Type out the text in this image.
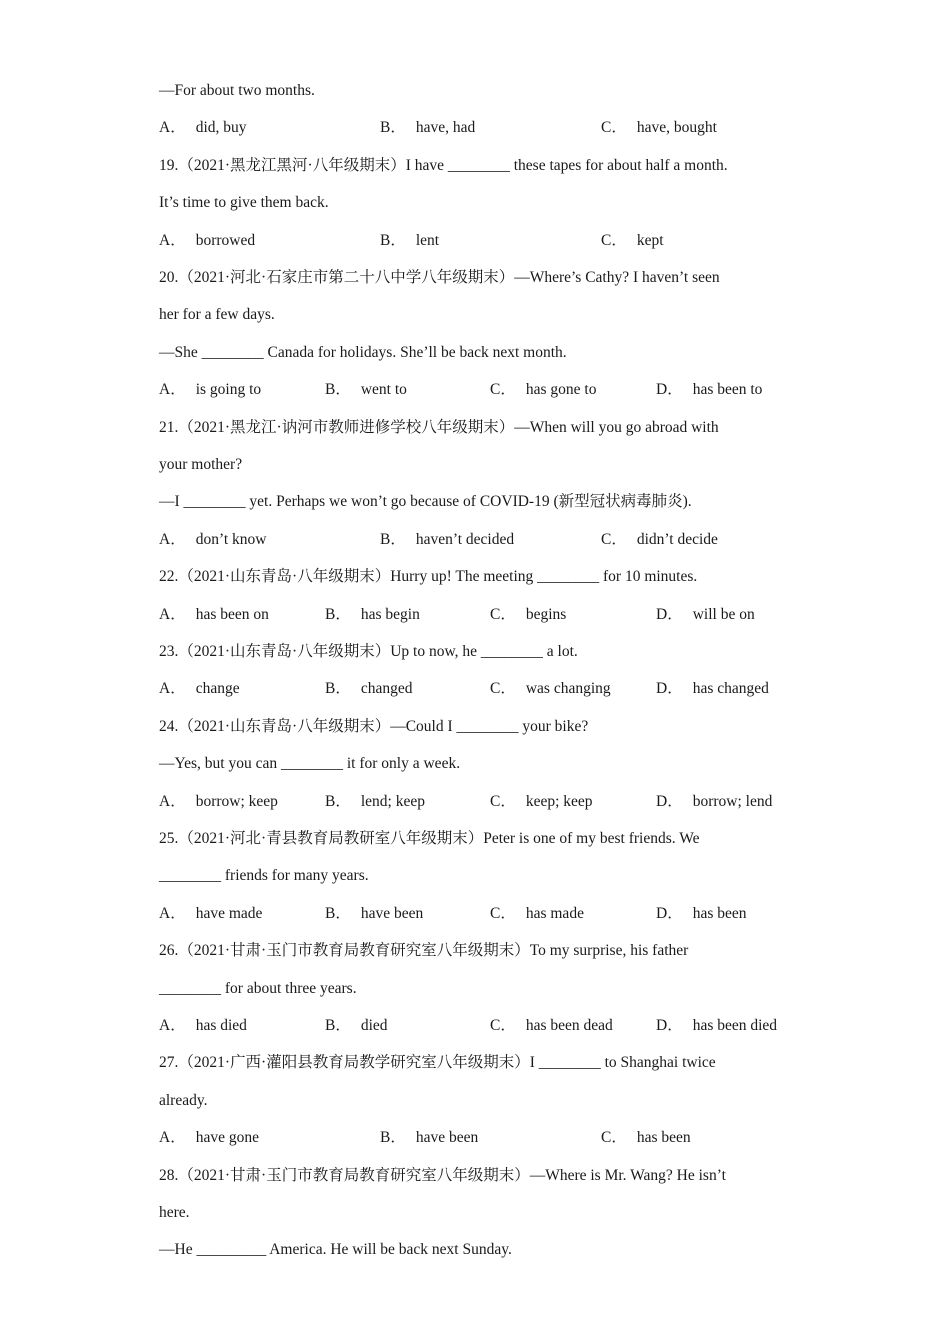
—For about two months.
A． did, buy	B． have, had	C． have, bought
19.（2021·黑龙江黑河·八年级期末）I have ________ these tapes for about half a month.
It’s time to give them back.
A． borrowed	B． lent	C． kept
20.（2021·河北·石家庄市第二十八中学八年级期末）—Where’s Cathy? I haven’t seen
her for a few days.
—She ________ Canada for holidays. She’ll be back next month.
A． is going to	B． went to	C． has gone to	D． has been to
21.（2021·黑龙江·讷河市教师进修学校八年级期末）—When will you go abroad with
your mother?
—I ________ yet. Perhaps we won’t go because of COVID-19 (新型冠状病毒肺炎).
A． don’t know	B． haven’t decided	C． didn’t decide
22.（2021·山东青岛·八年级期末）Hurry up! The meeting ________ for 10 minutes.
A． has been on	B． has begin	C． begins	D． will be on
23.（2021·山东青岛·八年级期末）Up to now, he ________ a lot.
A． change	B． changed	C． was changing	D． has changed
24.（2021·山东青岛·八年级期末）—Could I ________ your bike?
—Yes, but you can ________ it for only a week.
A． borrow; keep	B． lend; keep	C． keep; keep	D． borrow; lend
25.（2021·河北·青县教育局教研室八年级期末）Peter is one of my best friends. We
________ friends for many years.
A． have made	B． have been	C． has made	D． has been
26.（2021·甘肃·玉门市教育局教育研究室八年级期末）To my surprise, his father
________ for about three years.
A． has died	B． died	C． has been dead	D． has been died
27.（2021·广西·灌阳县教育局教学研究室八年级期末）I ________ to Shanghai twice
already.
A． have gone	B． have been	C． has been
28.（2021·甘肃·玉门市教育局教育研究室八年级期末）—Where is Mr. Wang? He isn’t
here.
—He _________ America. He will be back next Sunday.
